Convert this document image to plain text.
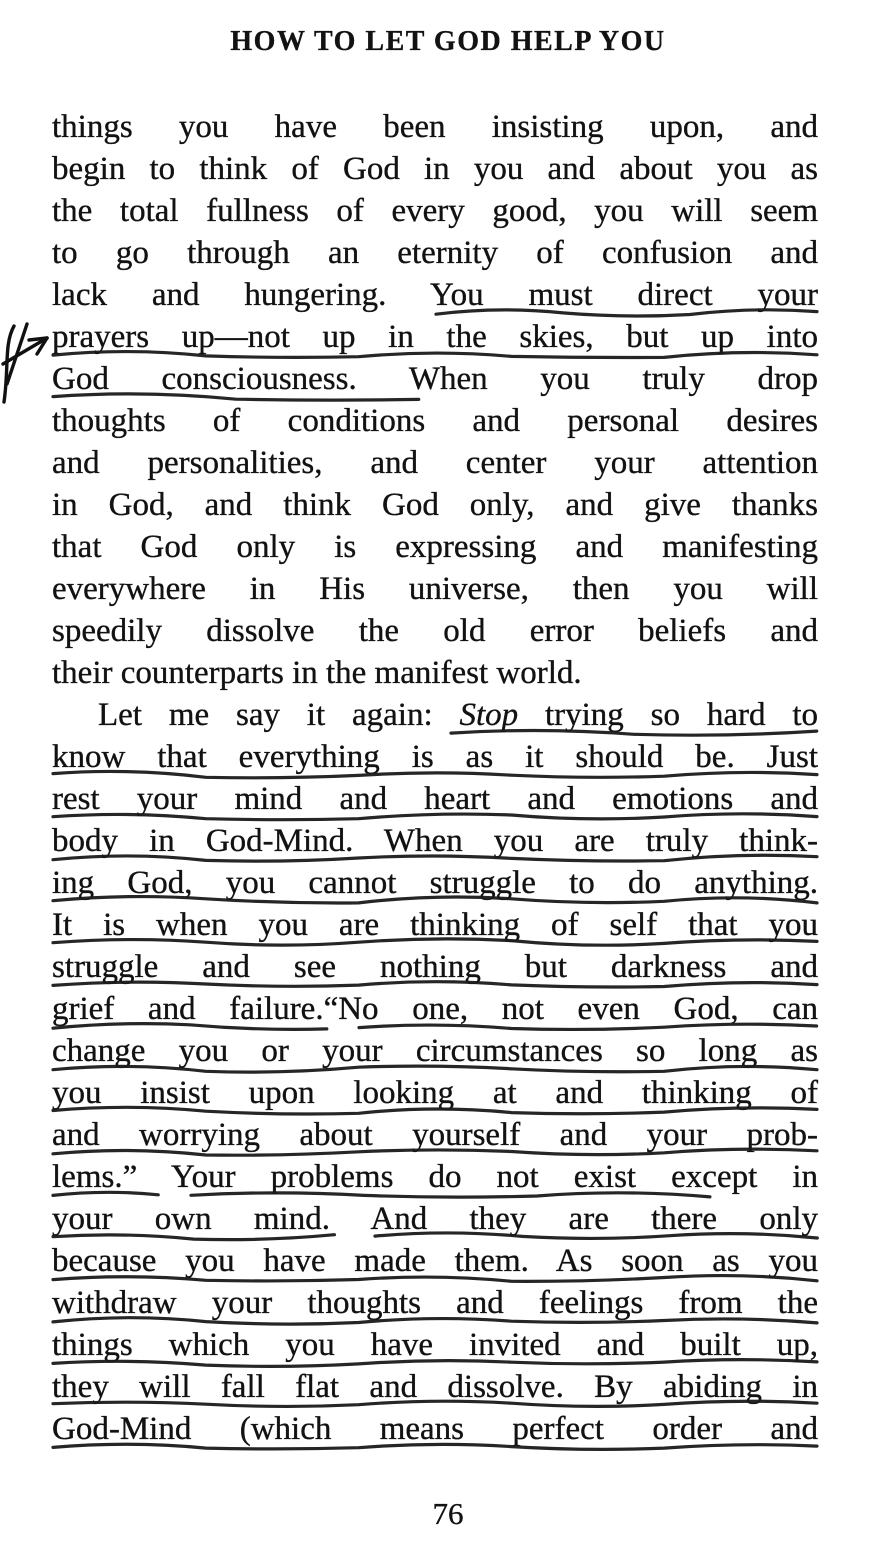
HOW TO LET GOD HELP YOU
things you have been insisting upon, and
begin to think of God in you and about you as
the total fullness of every good, you will seem
to go through an eternity of confusion and
lack and hungering. You must direct your
prayers up—not up in the skies, but up into
God consciousness. When you truly drop
thoughts of conditions and personal desires
and personalities, and center your attention
in God, and think God only, and give thanks
that God only is expressing and manifesting
everywhere in His universe, then you will
speedily dissolve the old error beliefs and
their counterparts in the manifest world.
Let me say it again: Stop trying so hard to
know that everything is as it should be. Just
rest your mind and heart and emotions and
body in God-Mind. When you are truly think-
ing God, you cannot struggle to do anything.
It is when you are thinking of self that you
struggle and see nothing but darkness and
grief and failure.“No one, not even God, can
change you or your circumstances so long as
you insist upon looking at and thinking of
and worrying about yourself and your prob-
lems.” Your problems do not exist except in
your own mind. And they are there only
because you have made them. As soon as you
withdraw your thoughts and feelings from the
things which you have invited and built up,
they will fall flat and dissolve. By abiding in
God-Mind (which means perfect order and
76
